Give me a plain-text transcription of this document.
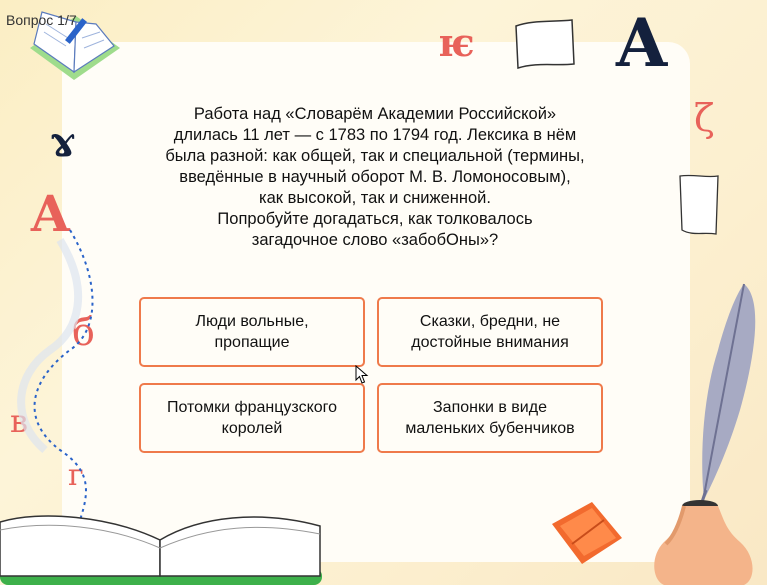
Вопрос 1/7	ѥ A
ζ
ɤ
А
б
в
г
Работа над «Словарём Академии Российской»
длилась 11 лет — с 1783 по 1794 год. Лексика в нём
была разной: как общей, так и специальной (термины,
введённые в научный оборот М. В. Ломоносовым),
как высокой, так и сниженной.
Попробуйте догадаться, как толковалось
загадочное слово «забобОны»?
Люди вольные,
пропащие
Сказки, бредни, не
достойные внимания
Потомки французского
королей
Запонки в виде
маленьких бубенчиков
